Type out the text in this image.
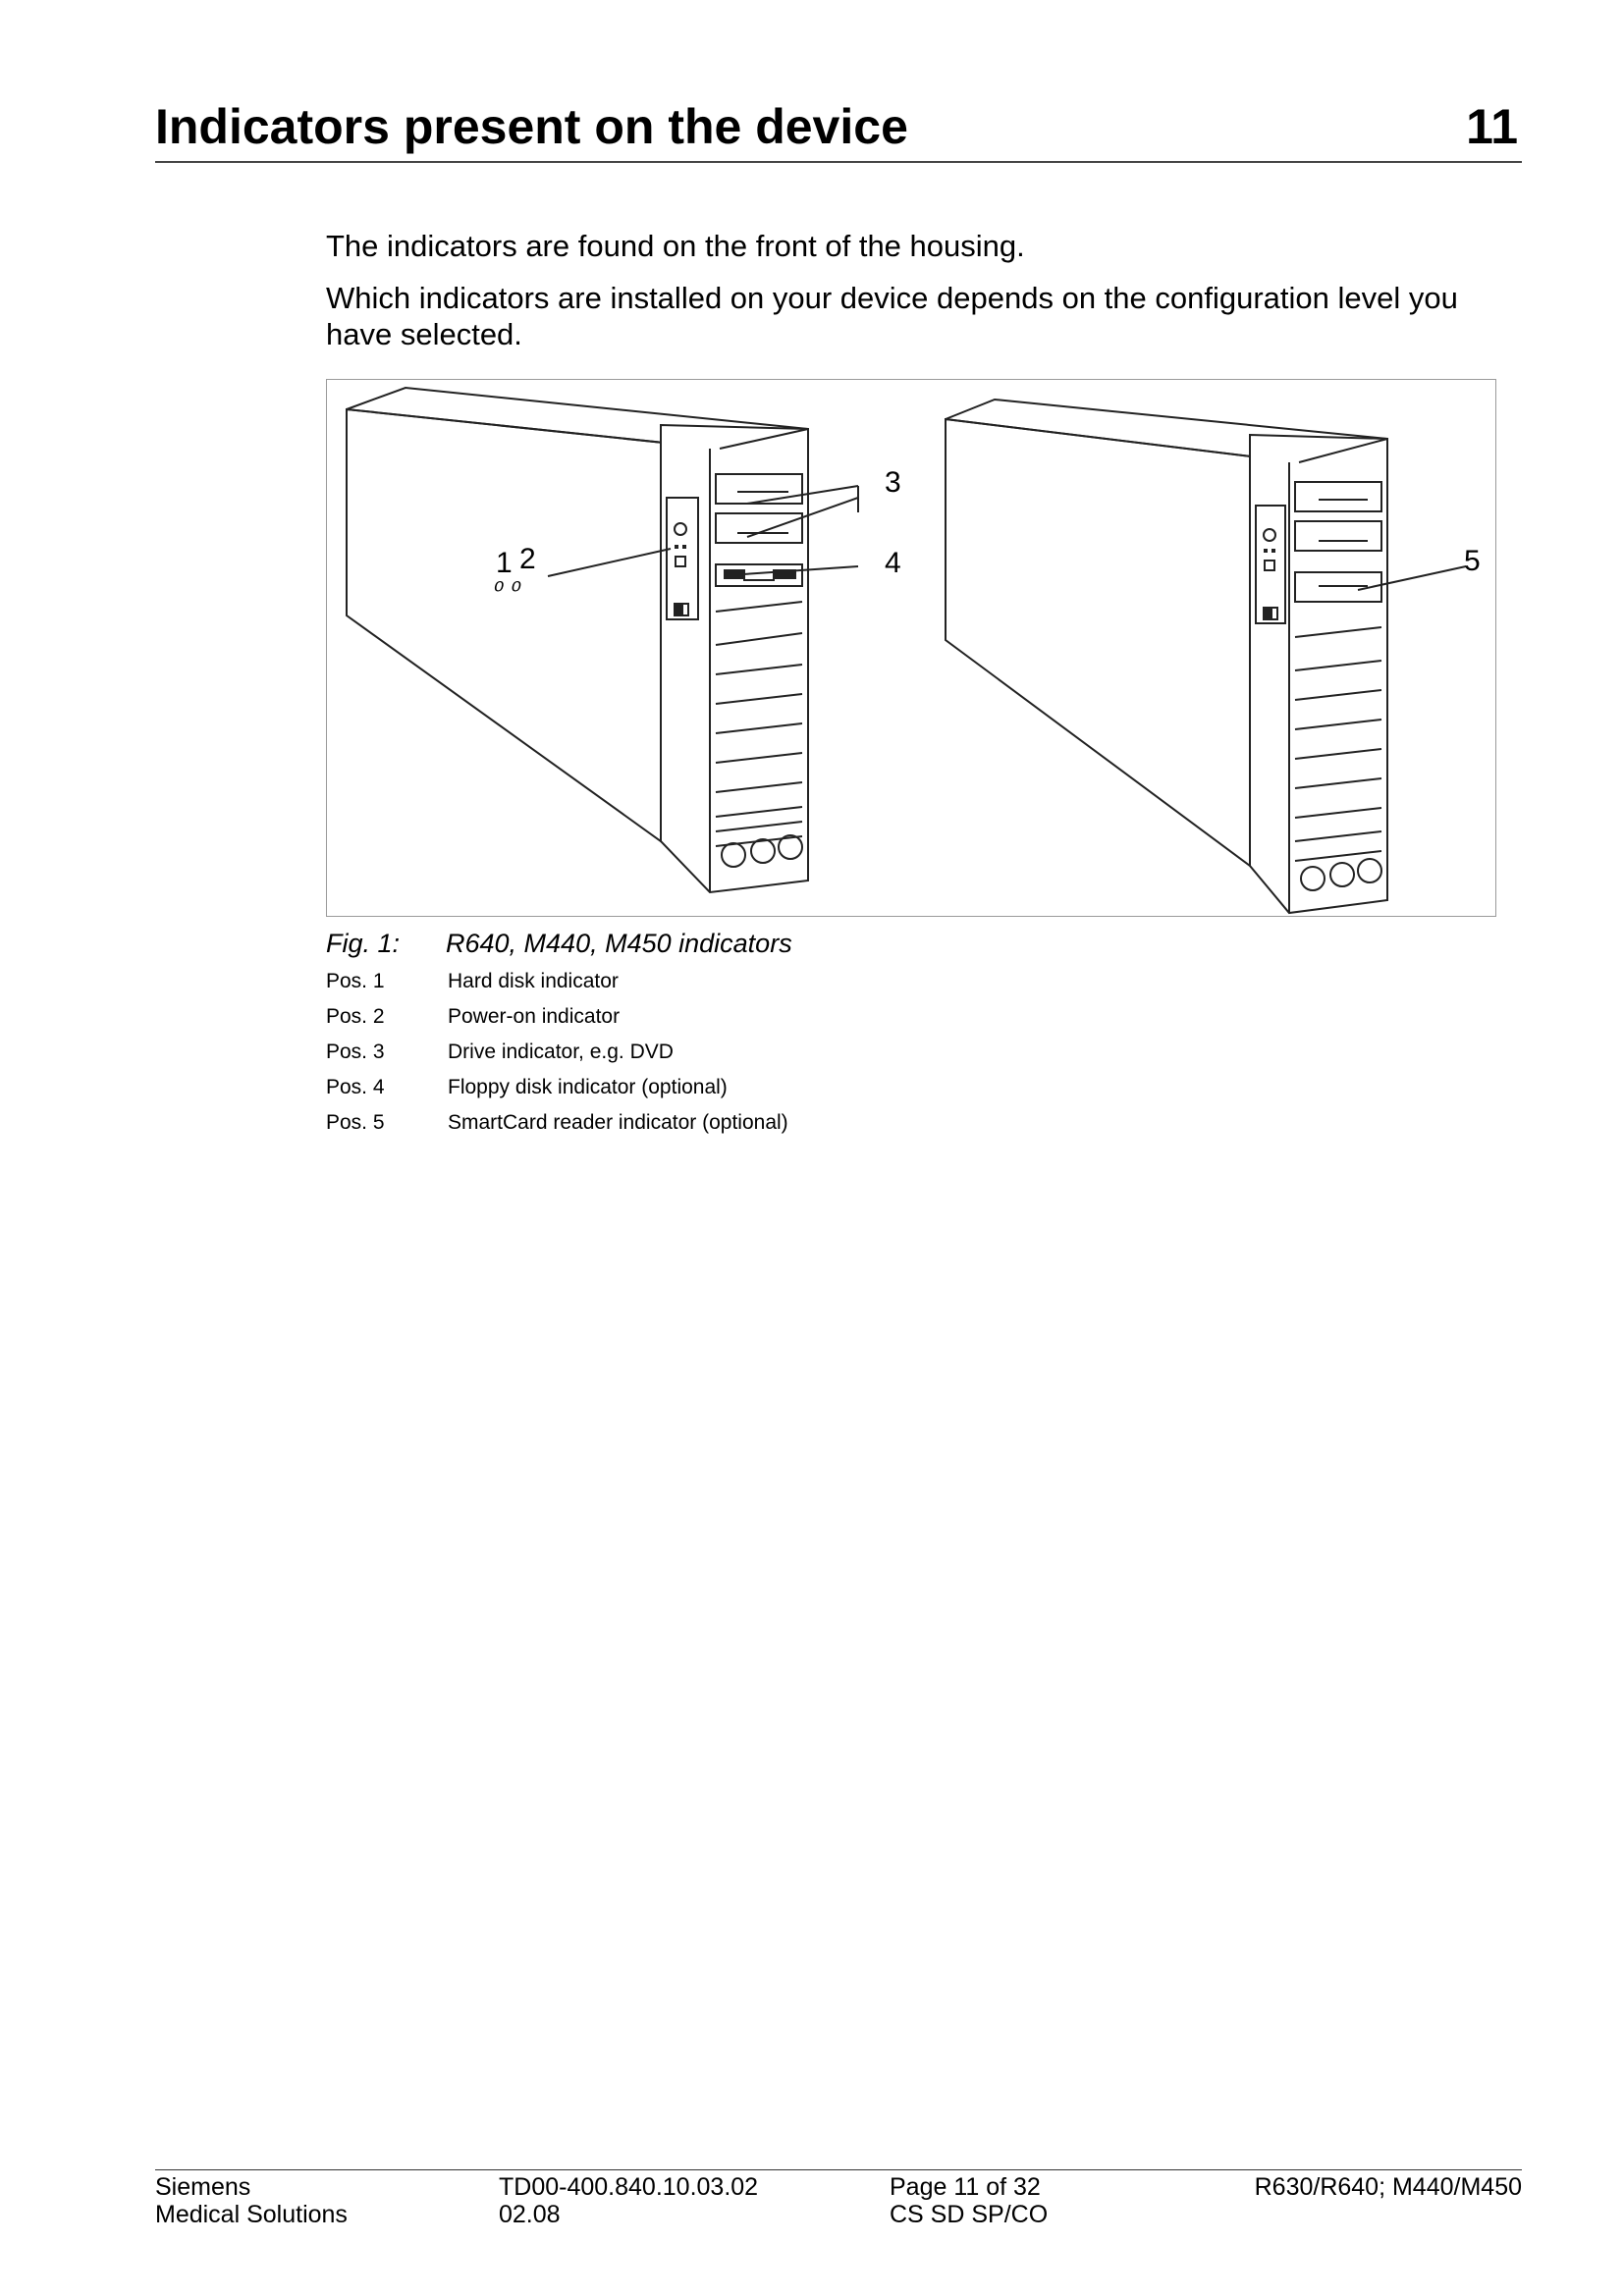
Indicators present on the device	11
The indicators are found on the front of the housing.
Which indicators are installed on your device depends on the configuration level you have selected.
1 2
⁰ ⁰
3
4	5
Fig. 1: R640, M440, M450 indicators
Pos. 1	Hard disk indicator
Pos. 2	Power-on indicator
Pos. 3	Drive indicator, e.g. DVD
Pos. 4	Floppy disk indicator (optional)
Pos. 5	SmartCard reader indicator (optional)
Siemens
Medical Solutions
TD00-400.840.10.03.02
02.08
Page 11 of 32
CS SD SP/CO
R630/R640; M440/M450
